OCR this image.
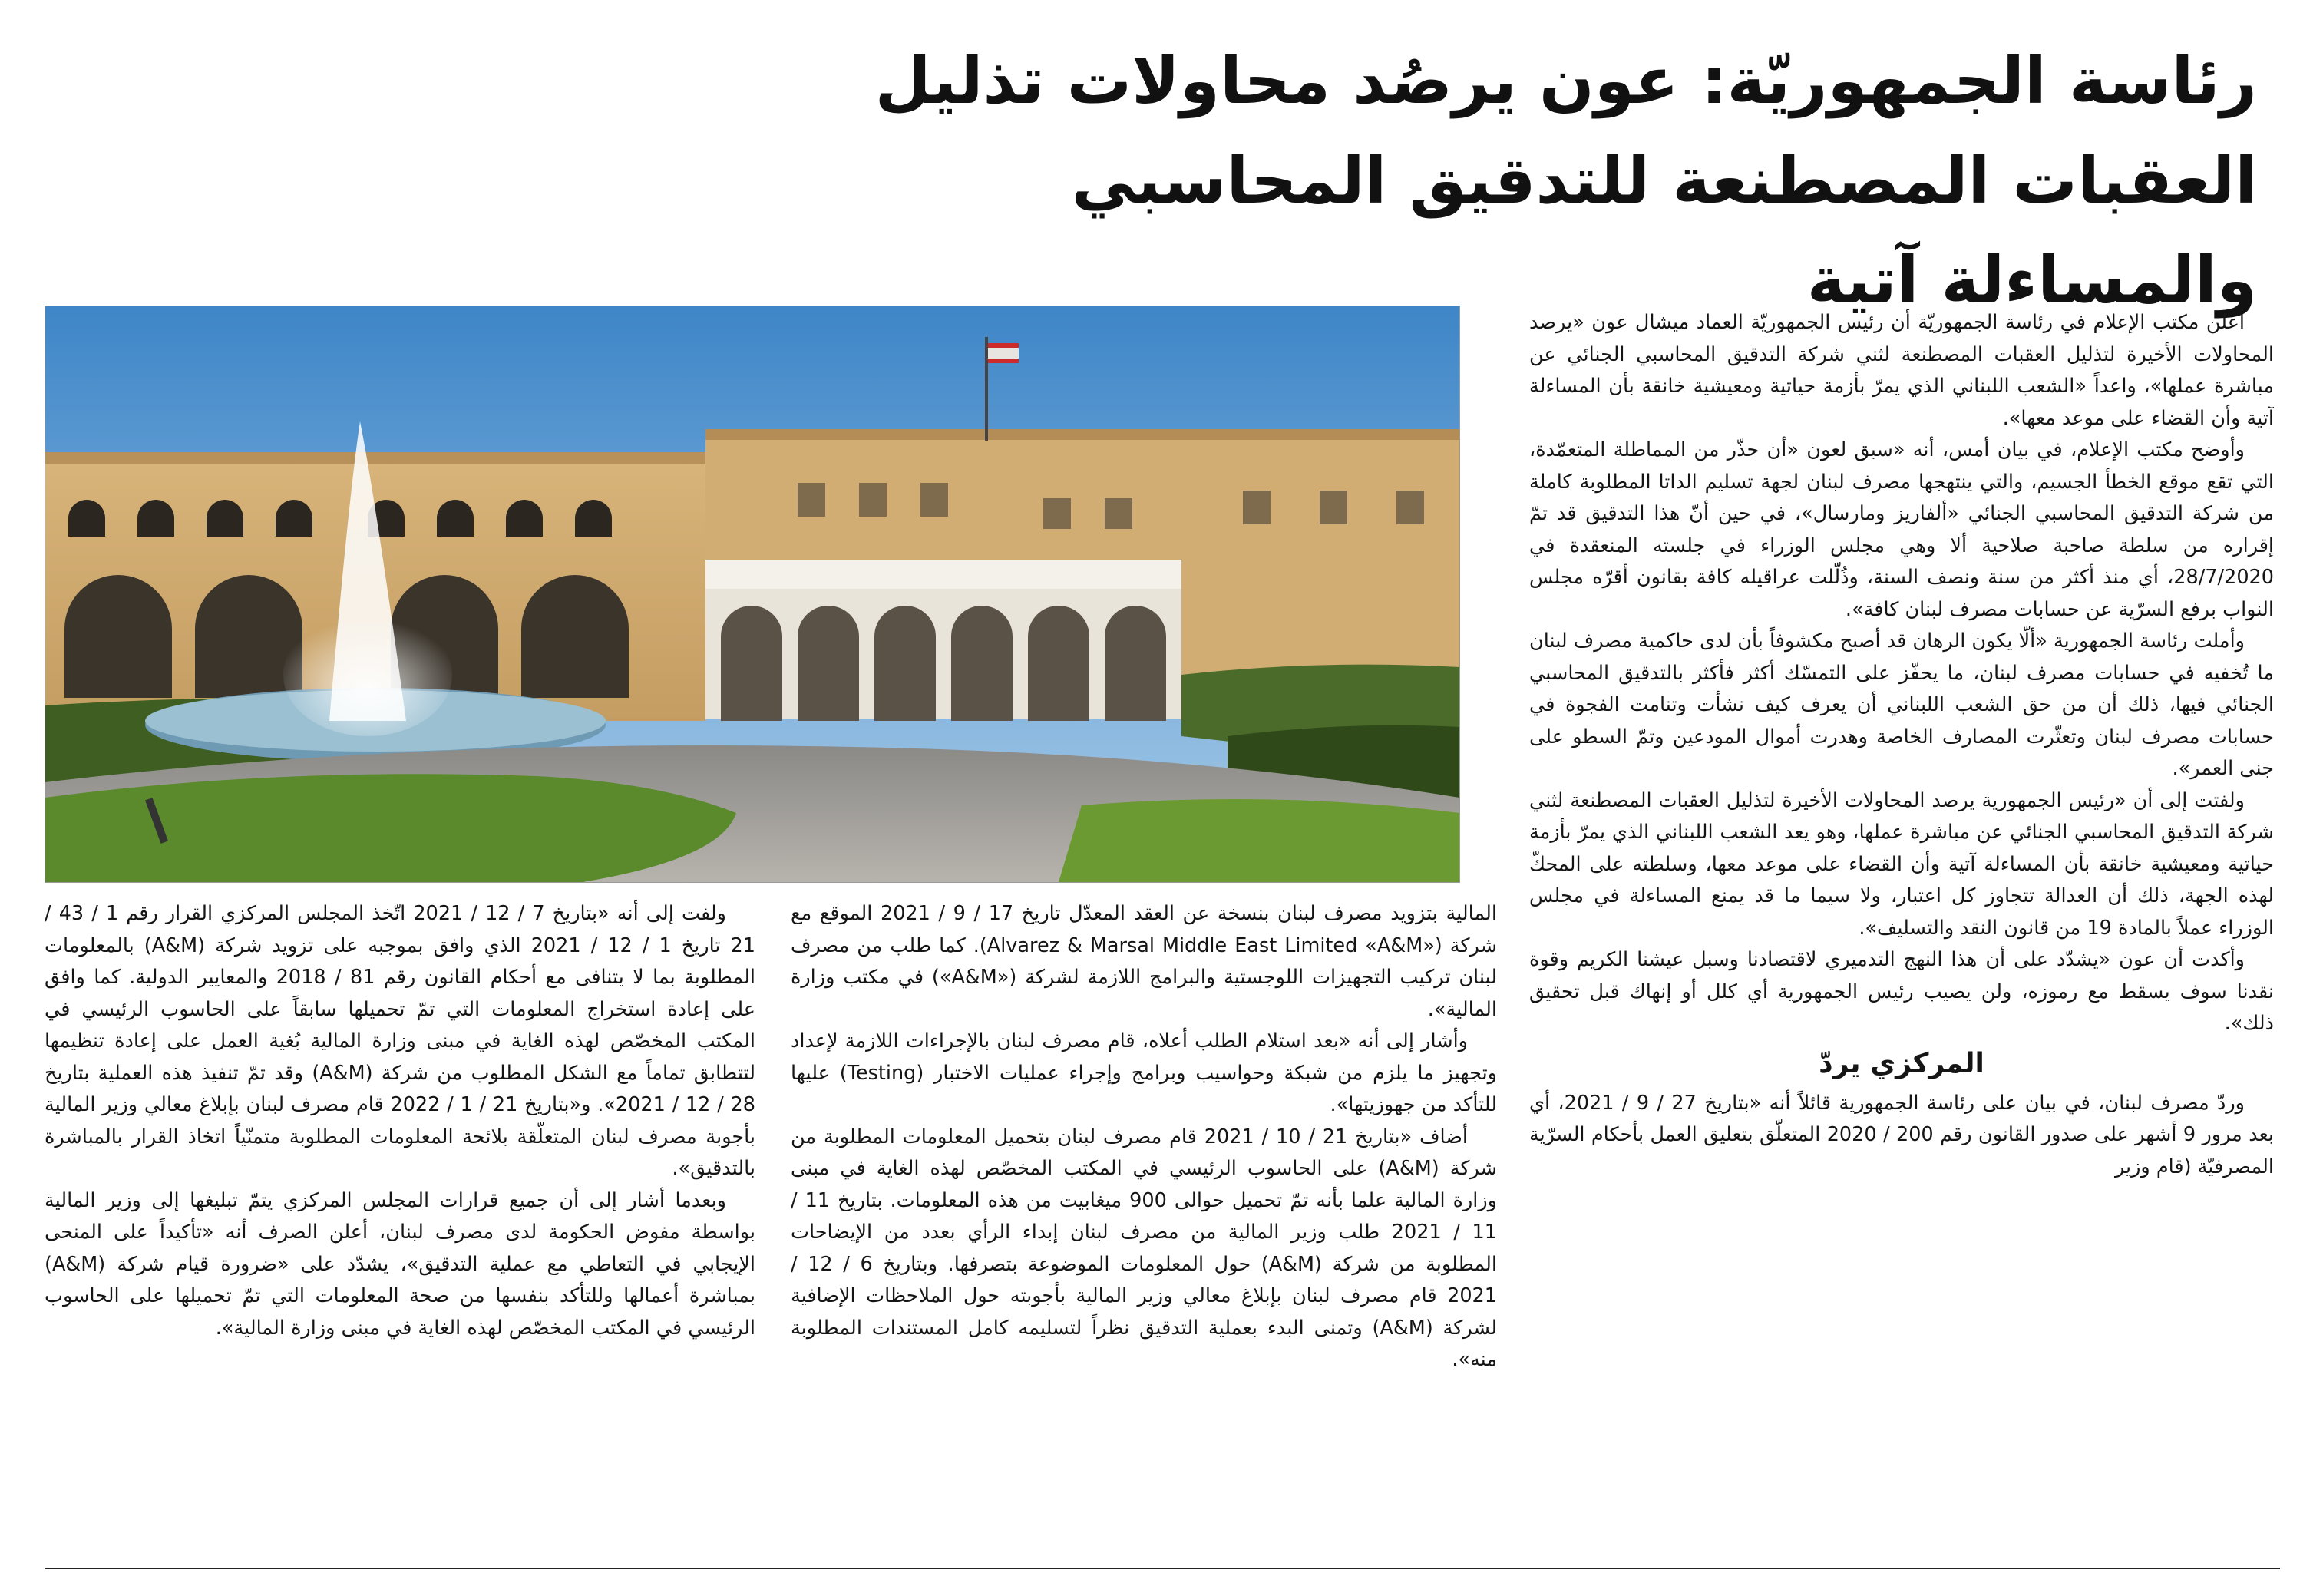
رئاسة الجمهوريّة: عون يرصُد محاولات تذليل
العقبات المصطنعة للتدقيق المحاسبي والمساءلة آتية

أعلن مكتب الإعلام في رئاسة الجمهوريّة أن رئيس الجمهوريّة العماد ميشال عون «يرصد المحاولات الأخيرة لتذليل العقبات المصطنعة لثني شركة التدقيق المحاسبي الجنائي عن مباشرة عملها»، واعداً «الشعب اللبناني الذي يمرّ بأزمة حياتية ومعيشية خانقة بأن المساءلة آتية وأن القضاء على موعد معها».

وأوضح مكتب الإعلام، في بيان أمس، أنه «سبق لعون «أن حذّر من المماطلة المتعمّدة، التي تقع موقع الخطأ الجسيم، والتي ينتهجها مصرف لبنان لجهة تسليم الداتا المطلوبة كاملة من شركة التدقيق المحاسبي الجنائي «ألفاريز ومارسال»، في حين أنّ هذا التدقيق قد تمّ إقراره من سلطة صاحبة صلاحية ألا وهي مجلس الوزراء في جلسته المنعقدة في 28/7/2020، أي منذ أكثر من سنة ونصف السنة، وذُلّلت عراقيله كافة بقانون أقرّه مجلس النواب برفع السرّية عن حسابات مصرف لبنان كافة».

وأملت رئاسة الجمهورية «ألّا يكون الرهان قد أصبح مكشوفاً بأن لدى حاكمية مصرف لبنان ما تُخفيه في حسابات مصرف لبنان، ما يحفّز على التمسّك أكثر فأكثر بالتدقيق المحاسبي الجنائي فيها، ذلك أن من حق الشعب اللبناني أن يعرف كيف نشأت وتنامت الفجوة في حسابات مصرف لبنان وتعثّرت المصارف الخاصة وهدرت أموال المودعين وتمّ السطو على جنى العمر».

ولفتت إلى أن «رئيس الجمهورية يرصد المحاولات الأخيرة لتذليل العقبات المصطنعة لثني شركة التدقيق المحاسبي الجنائي عن مباشرة عملها، وهو يعد الشعب اللبناني الذي يمرّ بأزمة حياتية ومعيشية خانقة بأن المساءلة آتية وأن القضاء على موعد معها، وسلطته على المحكّ لهذه الجهة، ذلك أن العدالة تتجاوز كل اعتبار، ولا سيما ما قد يمنع المساءلة في مجلس الوزراء عملاً بالمادة 19 من قانون النقد والتسليف».

وأكدت أن عون «يشدّد على أن هذا النهج التدميري لاقتصادنا وسبل عيشنا الكريم وقوة نقدنا سوف يسقط مع رموزه، ولن يصيب رئيس الجمهورية أي كلل أو إنهاك قبل تحقيق ذلك».

المركزي يردّ

وردّ مصرف لبنان، في بيان على رئاسة الجمهورية قائلاً أنه «بتاريخ 27 / 9 / 2021، أي بعد مرور 9 أشهر على صدور القانون رقم 200 / 2020 المتعلّق بتعليق العمل بأحكام السرّية المصرفيّة (قام وزير

المالية بتزويد مصرف لبنان بنسخة عن العقد المعدّل تاريخ 17 / 9 / 2021 الموقع مع شركة («Alvarez & Marsal Middle East Limited «A&M). كما طلب من مصرف لبنان تركيب التجهيزات اللوجستية والبرامج اللازمة لشركة («A&M») في مكتب وزارة المالية».

وأشار إلى أنه «بعد استلام الطلب أعلاه، قام مصرف لبنان بالإجراءات اللازمة لإعداد وتجهيز ما يلزم من شبكة وحواسيب وبرامج وإجراء عمليات الاختبار (Testing) عليها للتأكد من جهوزيتها».

أضاف «بتاريخ 21 / 10 / 2021 قام مصرف لبنان بتحميل المعلومات المطلوبة من شركة (A&M) على الحاسوب الرئيسي في المكتب المخصّص لهذه الغاية في مبنى وزارة المالية علما بأنه تمّ تحميل حوالى 900 ميغابيت من هذه المعلومات. بتاريخ 11 / 11 / 2021 طلب وزير المالية من مصرف لبنان إبداء الرأي بعدد من الإيضاحات المطلوبة من شركة (A&M) حول المعلومات الموضوعة بتصرفها. وبتاريخ 6 / 12 / 2021 قام مصرف لبنان بإبلاغ معالي وزير المالية بأجوبته حول الملاحظات الإضافية لشركة (A&M) وتمنى البدء بعملية التدقيق نظراً لتسليمه كامل المستندات المطلوبة منه».

ولفت إلى أنه «بتاريخ 7 / 12 / 2021 اتّخذ المجلس المركزي القرار رقم 1 / 43 / 21 تاريخ 1 / 12 / 2021 الذي وافق بموجبه على تزويد شركة (A&M) بالمعلومات المطلوبة بما لا يتنافى مع أحكام القانون رقم 81 / 2018 والمعايير الدولية. كما وافق على إعادة استخراج المعلومات التي تمّ تحميلها سابقاً على الحاسوب الرئيسي في المكتب المخصّص لهذه الغاية في مبنى وزارة المالية بُغية العمل على إعادة تنظيمها لتتطابق تماماً مع الشكل المطلوب من شركة (A&M) وقد تمّ تنفيذ هذه العملية بتاريخ 28 / 12 / 2021». و«بتاريخ 21 / 1 / 2022 قام مصرف لبنان بإبلاغ معالي وزير المالية بأجوبة مصرف لبنان المتعلّقة بلائحة المعلومات المطلوبة متمنّياً اتخاذ القرار بالمباشرة بالتدقيق».

وبعدما أشار إلى أن جميع قرارات المجلس المركزي يتمّ تبليغها إلى وزير المالية بواسطة مفوض الحكومة لدى مصرف لبنان، أعلن الصرف أنه «تأكيداً على المنحى الإيجابي في التعاطي مع عملية التدقيق»، يشدّد على «ضرورة قيام شركة (A&M) بمباشرة أعمالها وللتأكد بنفسها من صحة المعلومات التي تمّ تحميلها على الحاسوب الرئيسي في المكتب المخصّص لهذه الغاية في مبنى وزارة المالية».
